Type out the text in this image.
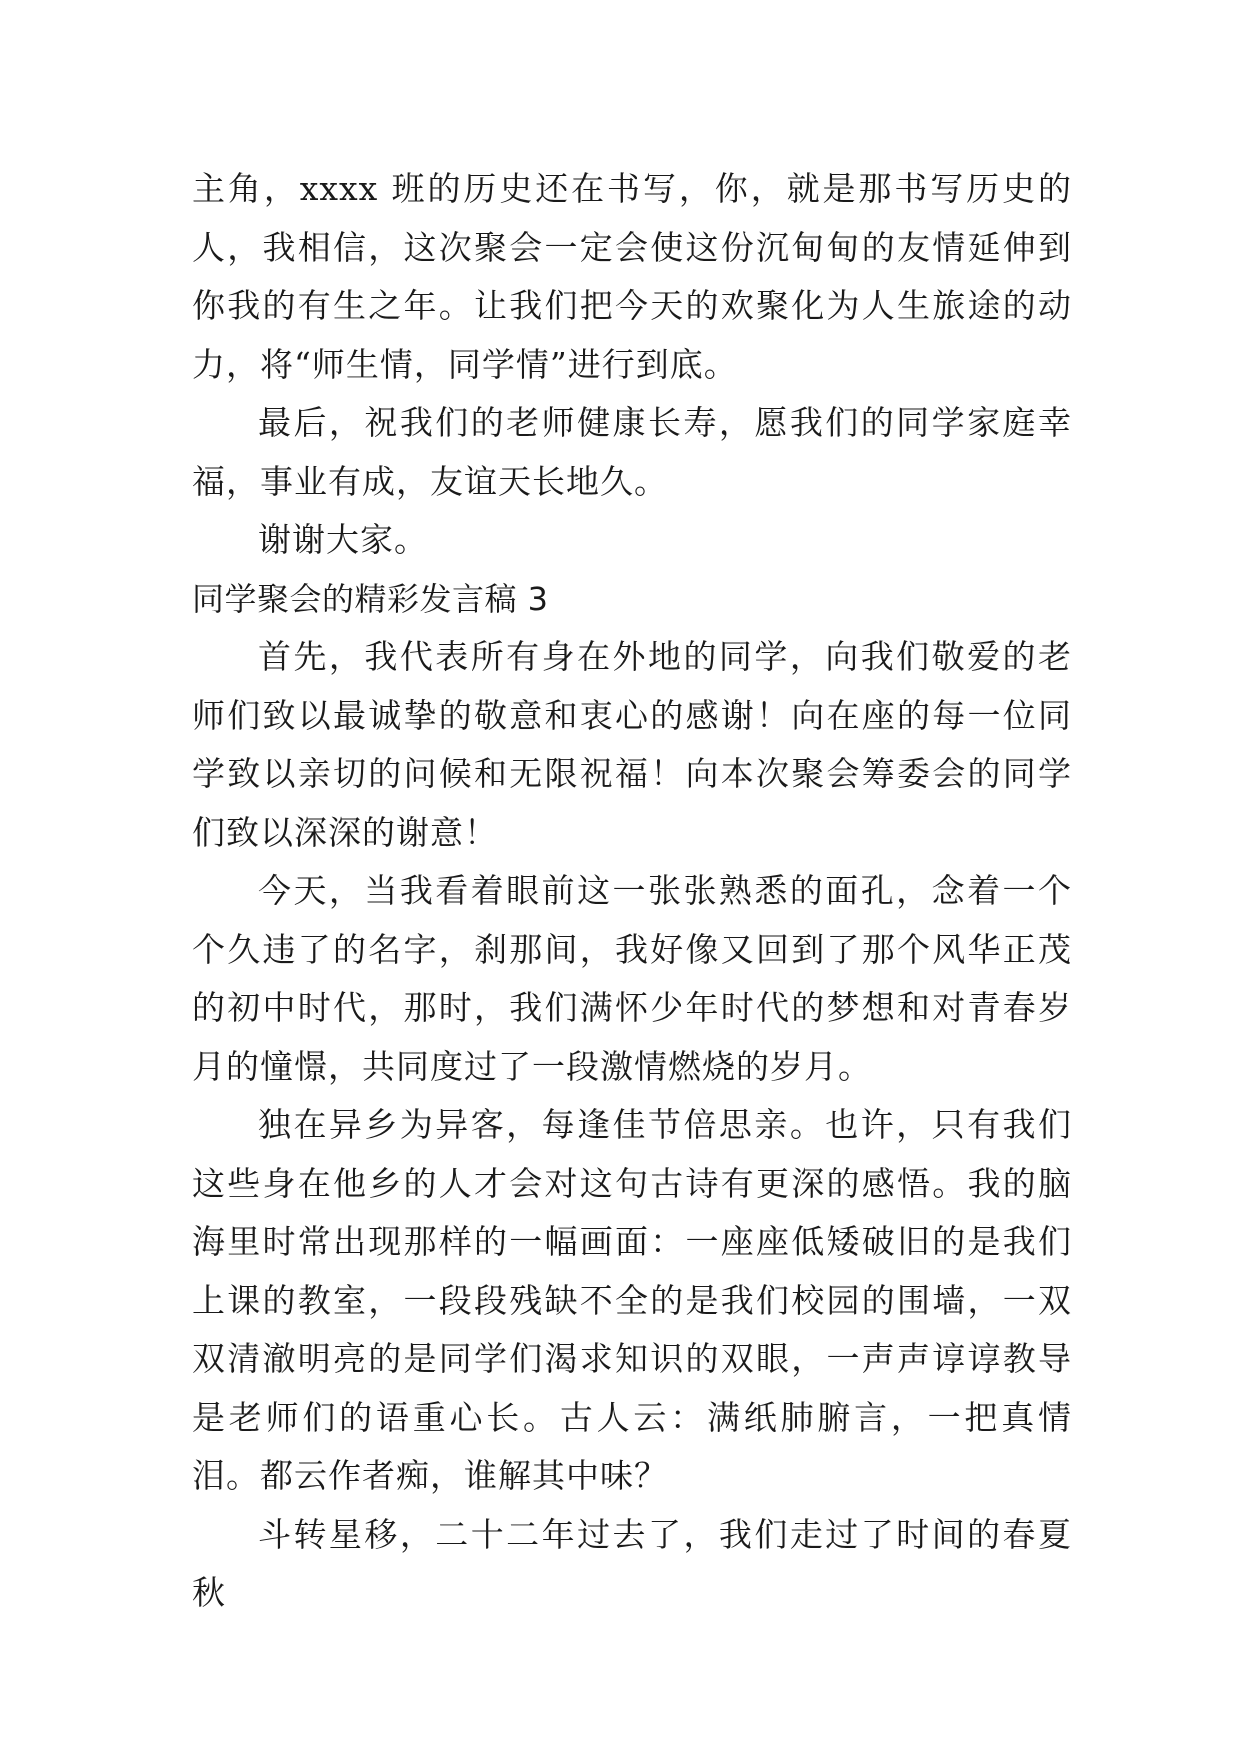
主角，xxxx 班的历史还在书写，你，就是那书写历史的人，我相信，这次聚会一定会使这份沉甸甸的友情延伸到你我的有生之年。让我们把今天的欢聚化为人生旅途的动力，将“师生情，同学情”进行到底。

最后，祝我们的老师健康长寿，愿我们的同学家庭幸福，事业有成，友谊天长地久。

谢谢大家。

同学聚会的精彩发言稿 3

首先，我代表所有身在外地的同学，向我们敬爱的老师们致以最诚挚的敬意和衷心的感谢！向在座的每一位同学致以亲切的问候和无限祝福！向本次聚会筹委会的同学们致以深深的谢意！

今天，当我看着眼前这一张张熟悉的面孔，念着一个个久违了的名字，刹那间，我好像又回到了那个风华正茂的初中时代，那时，我们满怀少年时代的梦想和对青春岁月的憧憬，共同度过了一段激情燃烧的岁月。

独在异乡为异客，每逢佳节倍思亲。也许，只有我们这些身在他乡的人才会对这句古诗有更深的感悟。我的脑海里时常出现那样的一幅画面：一座座低矮破旧的是我们上课的教室，一段段残缺不全的是我们校园的围墙，一双双清澈明亮的是同学们渴求知识的双眼，一声声谆谆教导是老师们的语重心长。古人云：满纸肺腑言，一把真情泪。都云作者痴，谁解其中味？

斗转星移，二十二年过去了，我们走过了时间的春夏秋
